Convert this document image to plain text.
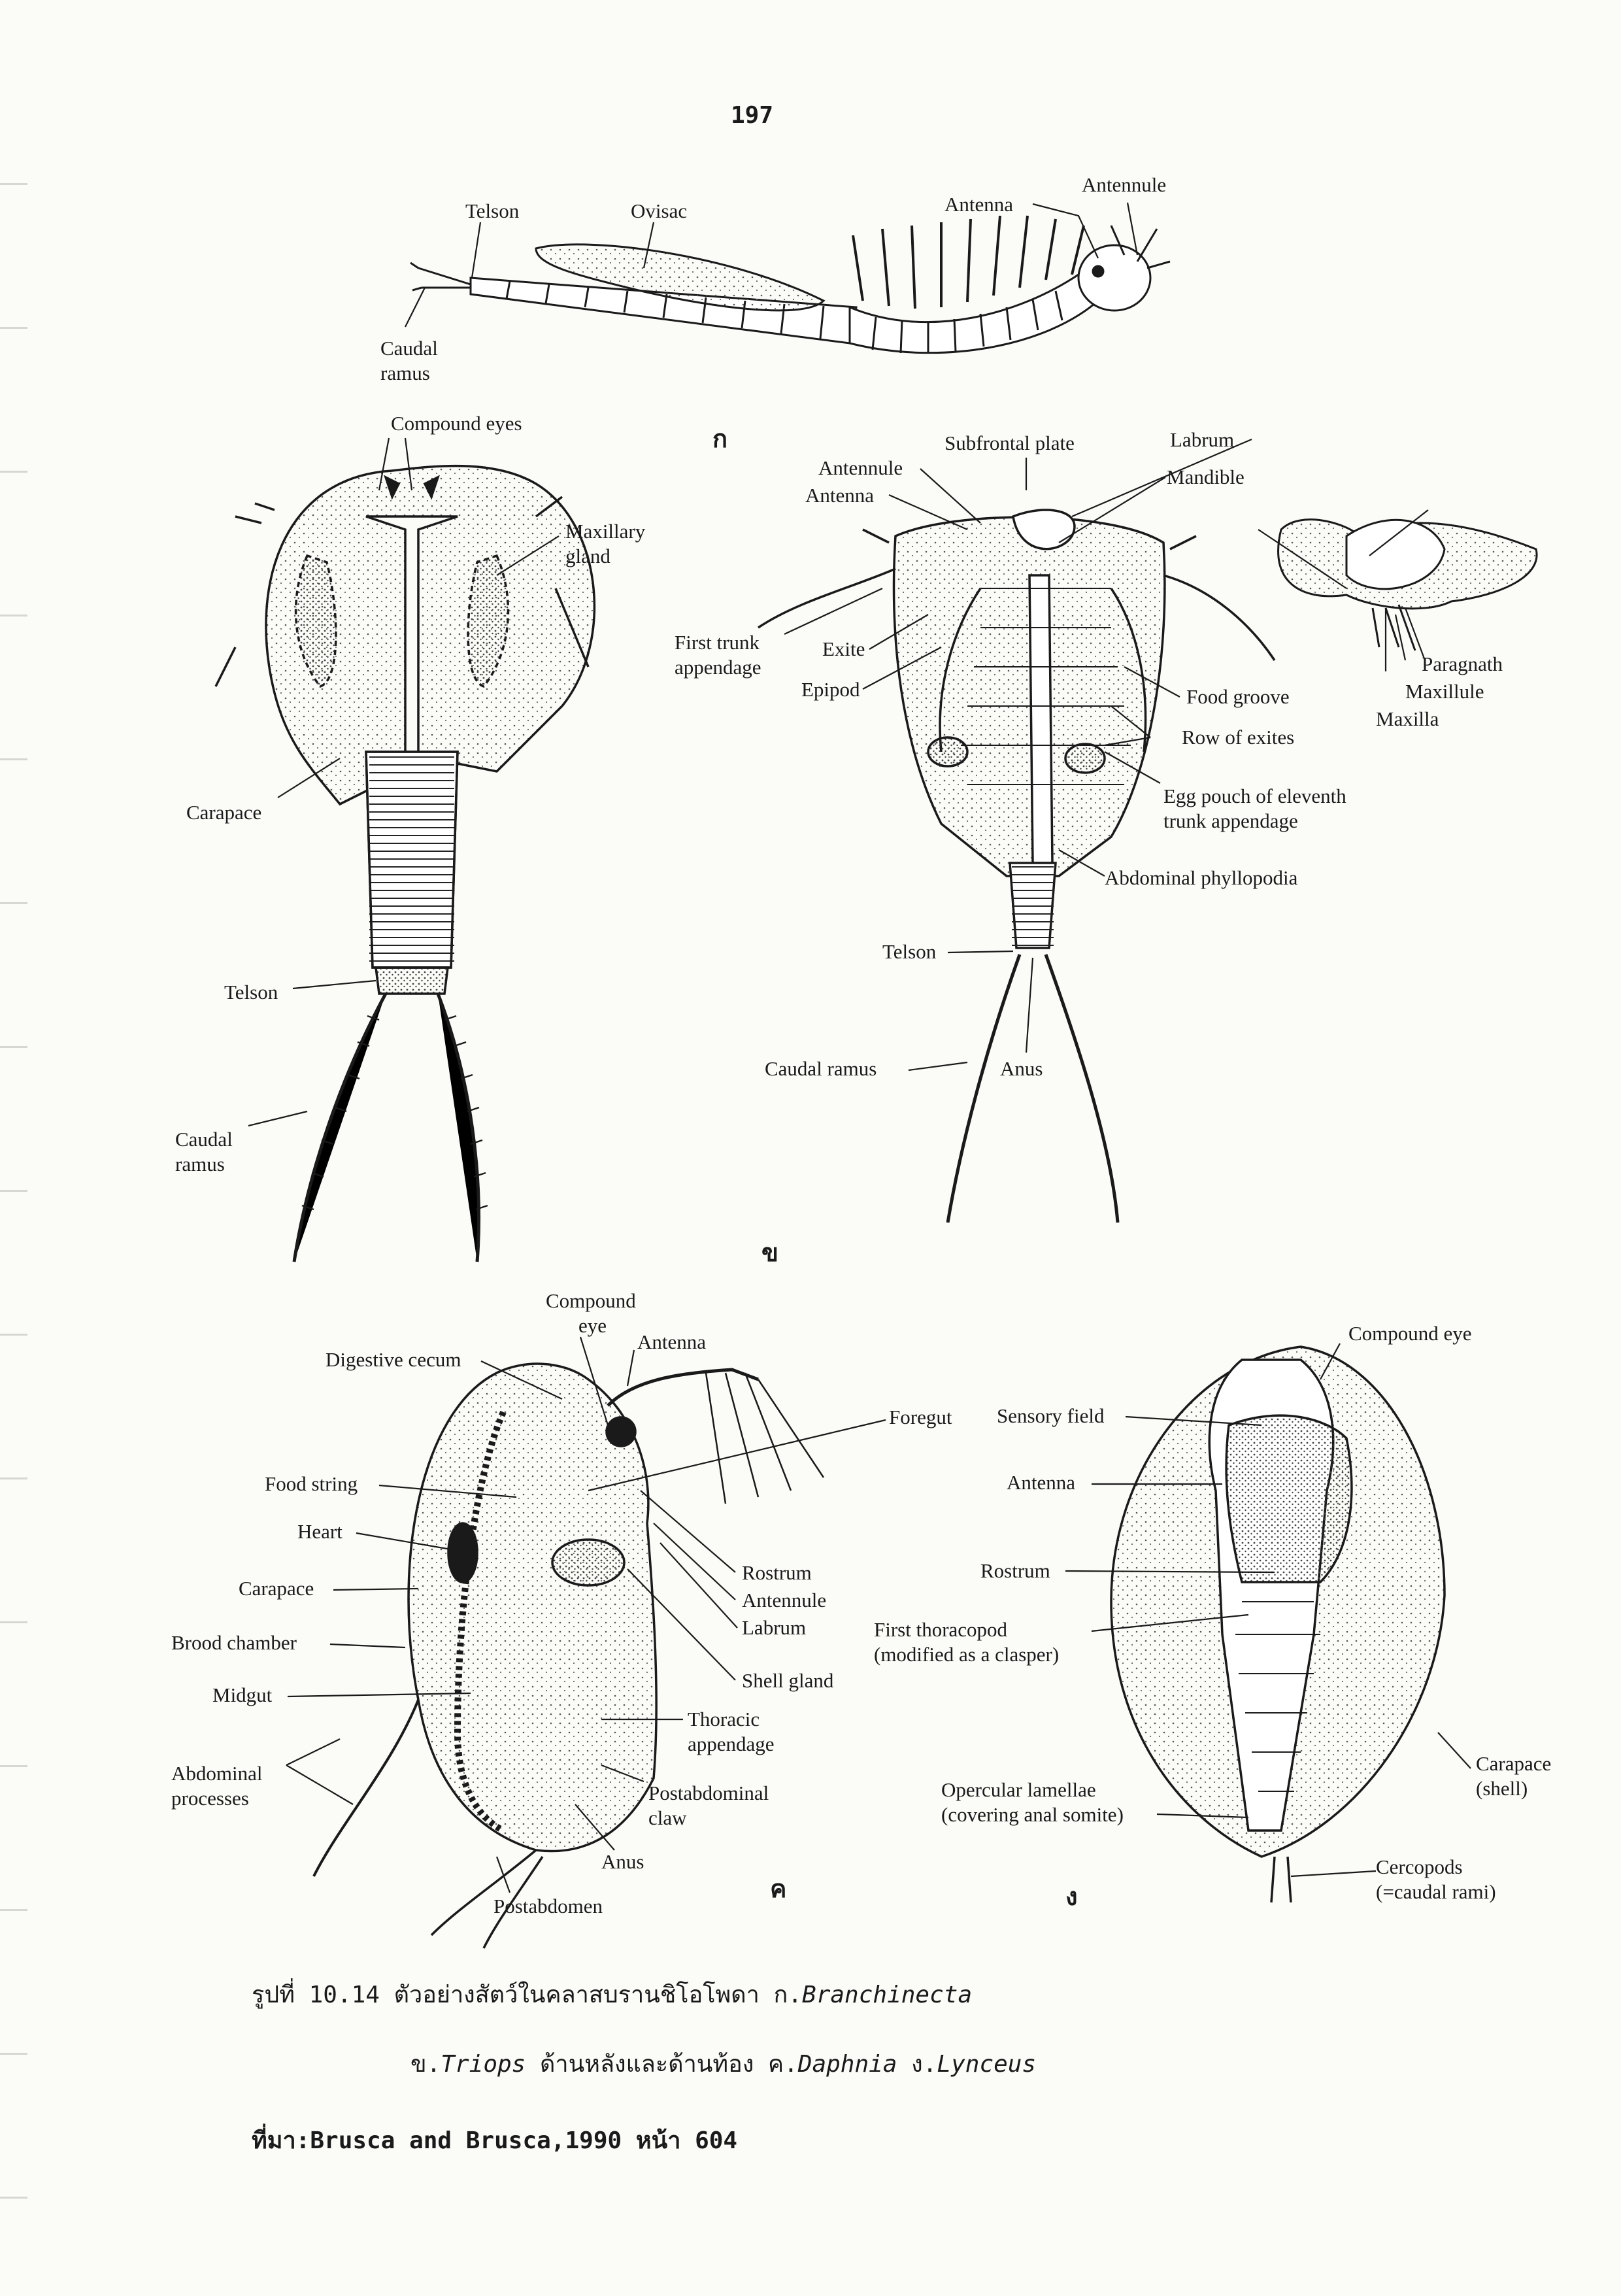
197
Telson	Ovisac	Antenna
Antennule
Caudal
ramus
ก
Compound eyes
Maxillary
gland
Carapace
Telson
Caudal
ramus
Subfrontal plate	Labrum
Antennule
Antenna
Mandible
First trunk
appendage
Exite
Epipod	Food groove
Row of exites
Egg pouch of eleventh
trunk appendage
Abdominal phyllopodia
Telson
Caudal ramus	Anus
Paragnath
Maxillule
Maxilla
ข
Compound
eye
Antenna
Digestive cecum
Foregut
Food string
Heart
Carapace
Brood chamber
Midgut
Abdominal
processes
Rostrum
Antennule
Labrum
Shell gland
Thoracic
appendage
Postabdominal
claw
Anus
Postabdomen
ค
Compound eye
Sensory field
Antenna
Rostrum
First thoracopod
(modified as a clasper)
Opercular lamellae
(covering anal somite)
Carapace
(shell)
Cercopods
(=caudal rami)
ง
รูปที่ 10.14 ตัวอย่างสัตว์ในคลาสบรานชิโอโพดา ก.Branchinecta
ข.Triops ด้านหลังและด้านท้อง ค.Daphnia ง.Lynceus
ที่มา:Brusca and Brusca,1990 หน้า 604
